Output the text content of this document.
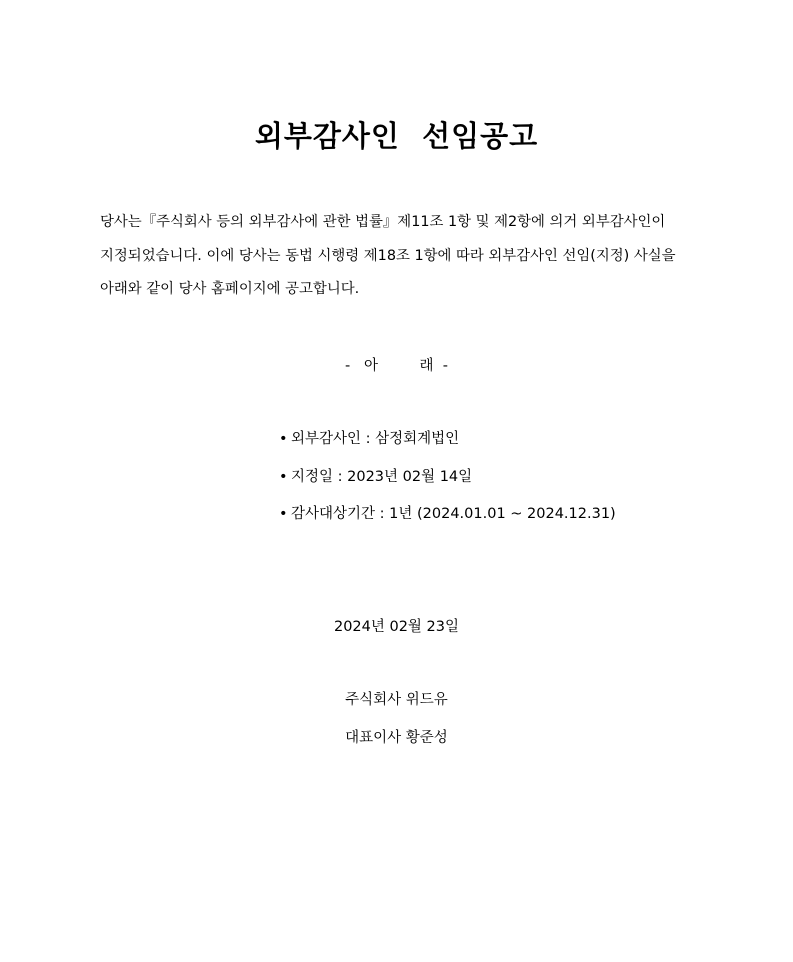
외부감사인  선임공고

당사는『주식회사 등의 외부감사에 관한 법률』제11조 1항 및 제2항에 의거 외부감사인이

지정되었습니다. 이에 당사는 동법 시행령 제18조 1항에 따라 외부감사인 선임(지정) 사실을

아래와 같이 당사 홈페이지에 공고합니다.

-   아         래  -
• 외부감사인 : 삼정회계법인
• 지정일 : 2023년 02월 14일
• 감사대상기간 : 1년 (2024.01.01 ~ 2024.12.31)
2024년 02월 23일
주식회사 위드유
대표이사 황준성
